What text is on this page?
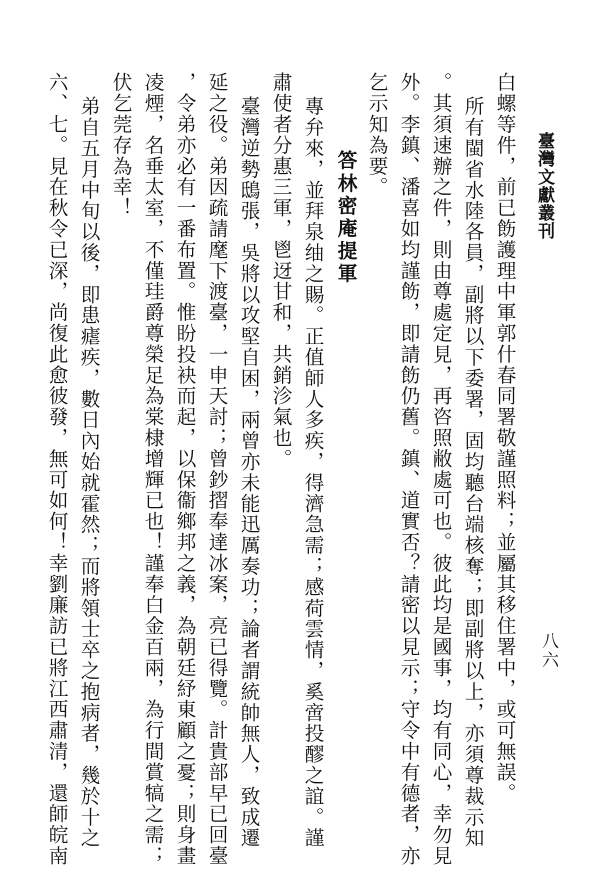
臺灣文獻叢刊
八六
白螺等件，前已飭護理中軍郭什春同署敬謹照料；並屬其移住署中，或可無誤。
所有閩省水陸各員，副將以下委署，固均聽台端核奪；即副將以上，亦須尊裁示知
。其須速辦之件，則由尊處定見，再咨照敝處可也。彼此均是國事，均有同心，幸勿見
外。李鎮、潘喜如均謹飭，即請飭仍舊。鎮、道實否？請密以見示；守令中有德者，亦
乞示知為要。
答林密庵提軍
專弁來，並拜泉䌷之賜。正值師人多疾，得濟急需；感荷雲情，奚啻投醪之誼。謹
肅使者分惠三軍，鬯迓甘和，共銷沴氣也。
臺灣逆勢鴟張，吳將以攻堅自困，兩曾亦未能迅厲奏功；論者謂統帥無人，致成遷
延之役。弟因疏請麾下渡臺，一申天討；曾鈔摺奉達冰案，亮已得覽。計貴部早已回臺
，令弟亦必有一番布置。惟盼投袂而起，以保衞鄉邦之義，為朝廷紓東顧之憂；則身畫
凌煙，名垂太室，不僅珪爵尊榮足為棠棣增輝已也！謹奉白金百兩，為行間賞犒之需；
伏乞莞存為幸！
弟自五月中旬以後，即患瘧疾，數日內始就霍然；而將領士卒之抱病者，幾於十之
六、七。見在秋令已深，尚復此愈彼發，無可如何！幸劉廉訪已將江西肅清，還師皖南
